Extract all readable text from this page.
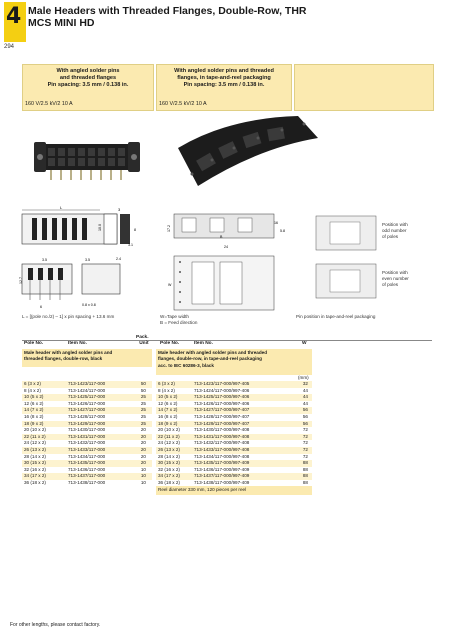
4
294
Male Headers with Threaded Flanges, Double-Row, THR
MCS MINI HD
With angled solder pins
and threaded flanges
Pin spacing: 3.5 mm / 0.138 in.
160 V/2.5 kV/2 10 A
With angled solder pins and threaded
flanges, in tape-and-reel packaging
Pin spacing: 3.5 mm / 0.138 in.
160 V/2.5 kV/2 10 A
L	3
10.0	8
3.1
3.5	3.5	2.4
12.7
6	0.8 x 0.8
17.2
B
16
5.8
24
W
Position with
odd number
of poles
Position with
even number
of poles
L = [(pole no./2) – 1] x pin spacing + 13.6 mm	W=Tape width
B = Feed direction
Pin position in tape-and-reel packaging
Pole No.	Item No.
Pack.
Unit Pole No.	Item No.	W
Male header with angled solder pins and
threaded flanges, double-row, black
Male header with angled solder pins and threaded
flanges, double-row, in tape-and-reel packaging
acc. to IEC 60286-3, black
(mm)
6 (3 x 2)	713-1423/117-000	50
8 (4 x 2)	713-1424/117-000	50
10 (5 x 2)	713-1425/117-000	25
12 (6 x 2)	713-1426/117-000	25
14 (7 x 2)	713-1427/117-000	25
16 (8 x 2)	713-1428/117-000	25
18 (9 x 2)	713-1429/117-000	25
20 (10 x 2)	713-1430/117-000	20
22 (11 x 2)	713-1431/117-000	20
24 (12 x 2)	713-1432/117-000	20
26 (13 x 2)	713-1433/117-000	20
28 (14 x 2)	713-1434/117-000	20
30 (15 x 2)	713-1435/117-000	20
32 (16 x 2)	713-1436/117-000	10
34 (17 x 2)	713-1437/117-000	10
36 (18 x 2)	713-1438/117-000	10
6 (3 x 2)	713-1423/117-000/997-405	32
8 (4 x 2)	713-1424/117-000/997-406	44
10 (5 x 2)	713-1425/117-000/997-406	44
12 (6 x 2)	713-1426/117-000/997-406	44
14 (7 x 2)	713-1427/117-000/997-407	56
16 (8 x 2)	713-1428/117-000/997-407	56
18 (9 x 2)	713-1429/117-000/997-407	56
20 (10 x 2)	713-1430/117-000/997-408	72
22 (11 x 2)	713-1431/117-000/997-408	72
24 (12 x 2)	713-1432/117-000/997-408	72
26 (13 x 2)	713-1433/117-000/997-408	72
28 (14 x 2)	713-1434/117-000/997-408	72
30 (15 x 2)	713-1435/117-000/997-409	88
32 (16 x 2)	713-1436/117-000/997-409	88
34 (17 x 2)	713-1437/117-000/997-409	88
36 (18 x 2)	713-1438/117-000/997-409	88
Reel diameter 330 mm, 120 pieces per reel
For other lengths, please contact factory.
